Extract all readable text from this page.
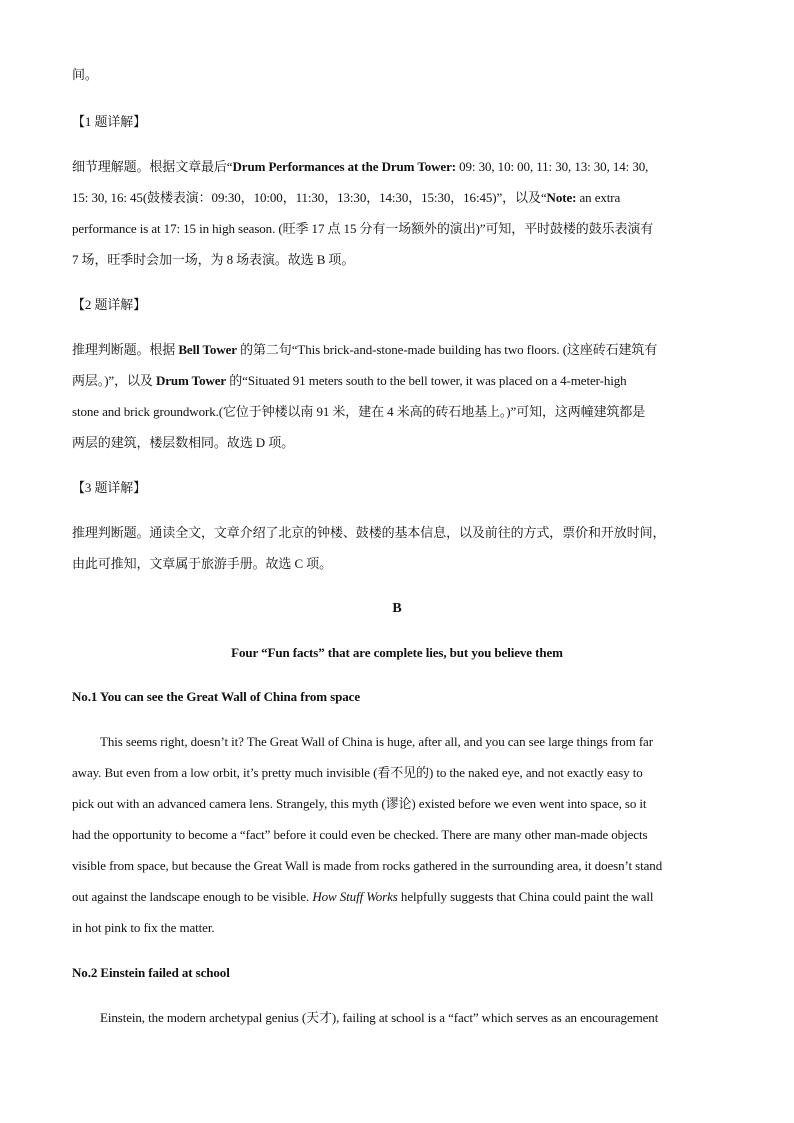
间。
【1 题详解】
细节理解题。根据文章最后“Drum Performances at the Drum Tower: 09: 30, 10: 00, 11: 30, 13: 30, 14: 30,
15: 30, 16: 45(鼓楼表演：09:30，10:00，11:30，13:30，14:30，15:30，16:45)”，以及“Note: an extra
performance is at 17: 15 in high season. (旺季 17 点 15 分有一场额外的演出)”可知，平时鼓楼的鼓乐表演有
7 场，旺季时会加一场，为 8 场表演。故选 B 项。
【2 题详解】
推理判断题。根据 Bell Tower 的第二句“This brick-and-stone-made building has two floors. (这座砖石建筑有
两层。)”，以及 Drum Tower 的“Situated 91 meters south to the bell tower, it was placed on a 4-meter-high
stone and brick groundwork.(它位于钟楼以南 91 米，建在 4 米高的砖石地基上。)”可知，这两幢建筑都是
两层的建筑，楼层数相同。故选 D 项。
【3 题详解】
推理判断题。通读全文，文章介绍了北京的钟楼、鼓楼的基本信息，以及前往的方式，票价和开放时间，
由此可推知，文章属于旅游手册。故选 C 项。
B
Four “Fun facts” that are complete lies, but you believe them
No.1 You can see the Great Wall of China from space
This seems right, doesn’t it? The Great Wall of China is huge, after all, and you can see large things from far
away. But even from a low orbit, it’s pretty much invisible (看不见的) to the naked eye, and not exactly easy to
pick out with an advanced camera lens. Strangely, this myth (谬论) existed before we even went into space, so it
had the opportunity to become a “fact” before it could even be checked. There are many other man-made objects
visible from space, but because the Great Wall is made from rocks gathered in the surrounding area, it doesn’t stand
out against the landscape enough to be visible. How Stuff Works helpfully suggests that China could paint the wall
in hot pink to fix the matter.
No.2 Einstein failed at school
Einstein, the modern archetypal genius (天才), failing at school is a “fact” which serves as an encouragement
